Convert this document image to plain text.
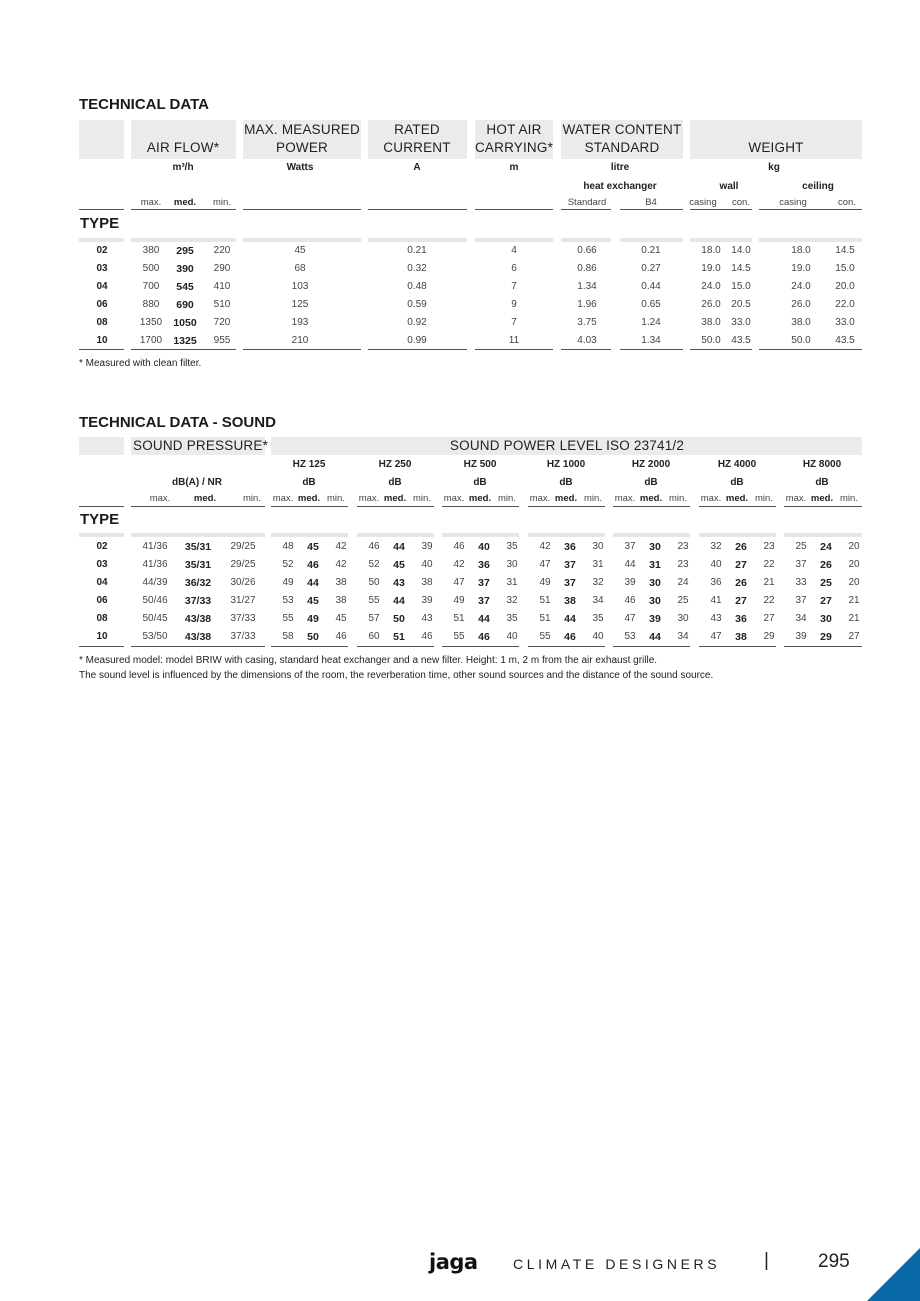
TECHNICAL DATA
AIR FLOW*
MAX. MEASURED
POWER
RATED
CURRENT
HOT AIR
CARRYING*
WATER CONTENT
STANDARD	WEIGHT
m³/h	Watts	A	m	litre	kg
heat exchanger	wall	ceiling
max. med. min.	Standard	B4	casing con.	casing	con.
TYPE
02	380 295 220	45	0.21	4	0.66	0.21	18.0 14.0	18.0 14.5
03	500 390 290	68	0.32	6	0.86	0.27	19.0 14.5	19.0 15.0
04	700 545 410	103	0.48	7	1.34	0.44	24.0 15.0	24.0 20.0
06	880 690 510	125	0.59	9	1.96	0.65	26.0 20.5	26.0 22.0
08	1350 1050 720	193	0.92	7	3.75	1.24	38.0 33.0	38.0 33.0
10	1700 1325 955	210	0.99	11	4.03	1.34	50.0 43.5	50.0 43.5
* Measured with clean filter.
TECHNICAL DATA - SOUND
SOUND PRESSURE*	SOUND POWER LEVEL ISO 23741/2
dB(A) / NR
max. med.	min.
HZ 125
dB
max. med. min.
HZ 250
dB
max. med. min.
HZ 500
dB
max. med. min.
HZ 1000
dB
max. med. min.
HZ 2000
dB
max. med. min.
HZ 4000
dB
max. med. min.
HZ 8000
dB
max. med. min.
TYPE
02	41/36 35/31 29/25	48 45 42 46 44 39 46 40 35 42 36 30 37 30 23 32 26 23 25 24 20
03	41/36 35/31 29/25	52 46 42 52 45 40 42 36 30 47 37 31 44 31 23 40 27 22 37 26 20
04	44/39 36/32 30/26	49 44 38 50 43 38 47 37 31 49 37 32 39 30 24 36 26 21 33 25 20
06	50/46 37/33 31/27	53 45 38 55 44 39 49 37 32 51 38 34 46 30 25 41 27 22 37 27 21
08	50/45 43/38 37/33	55 49 45 57 50 43 51 44 35 51 44 35 47 39 30 43 36 27 34 30 21
10	53/50 43/38 37/33	58 50 46 60 51 46 55 46 40 55 46 40 53 44 34 47 38 29 39 29 27
* Measured model: model BRIW with casing, standard heat exchanger and a new filter. Height: 1 m, 2 m from the air exhaust grille.
The sound level is influenced by the dimensions of the room, the reverberation time, other sound sources and the distance of the sound source.
jaga	CLIMATE DESIGNERS |	295
